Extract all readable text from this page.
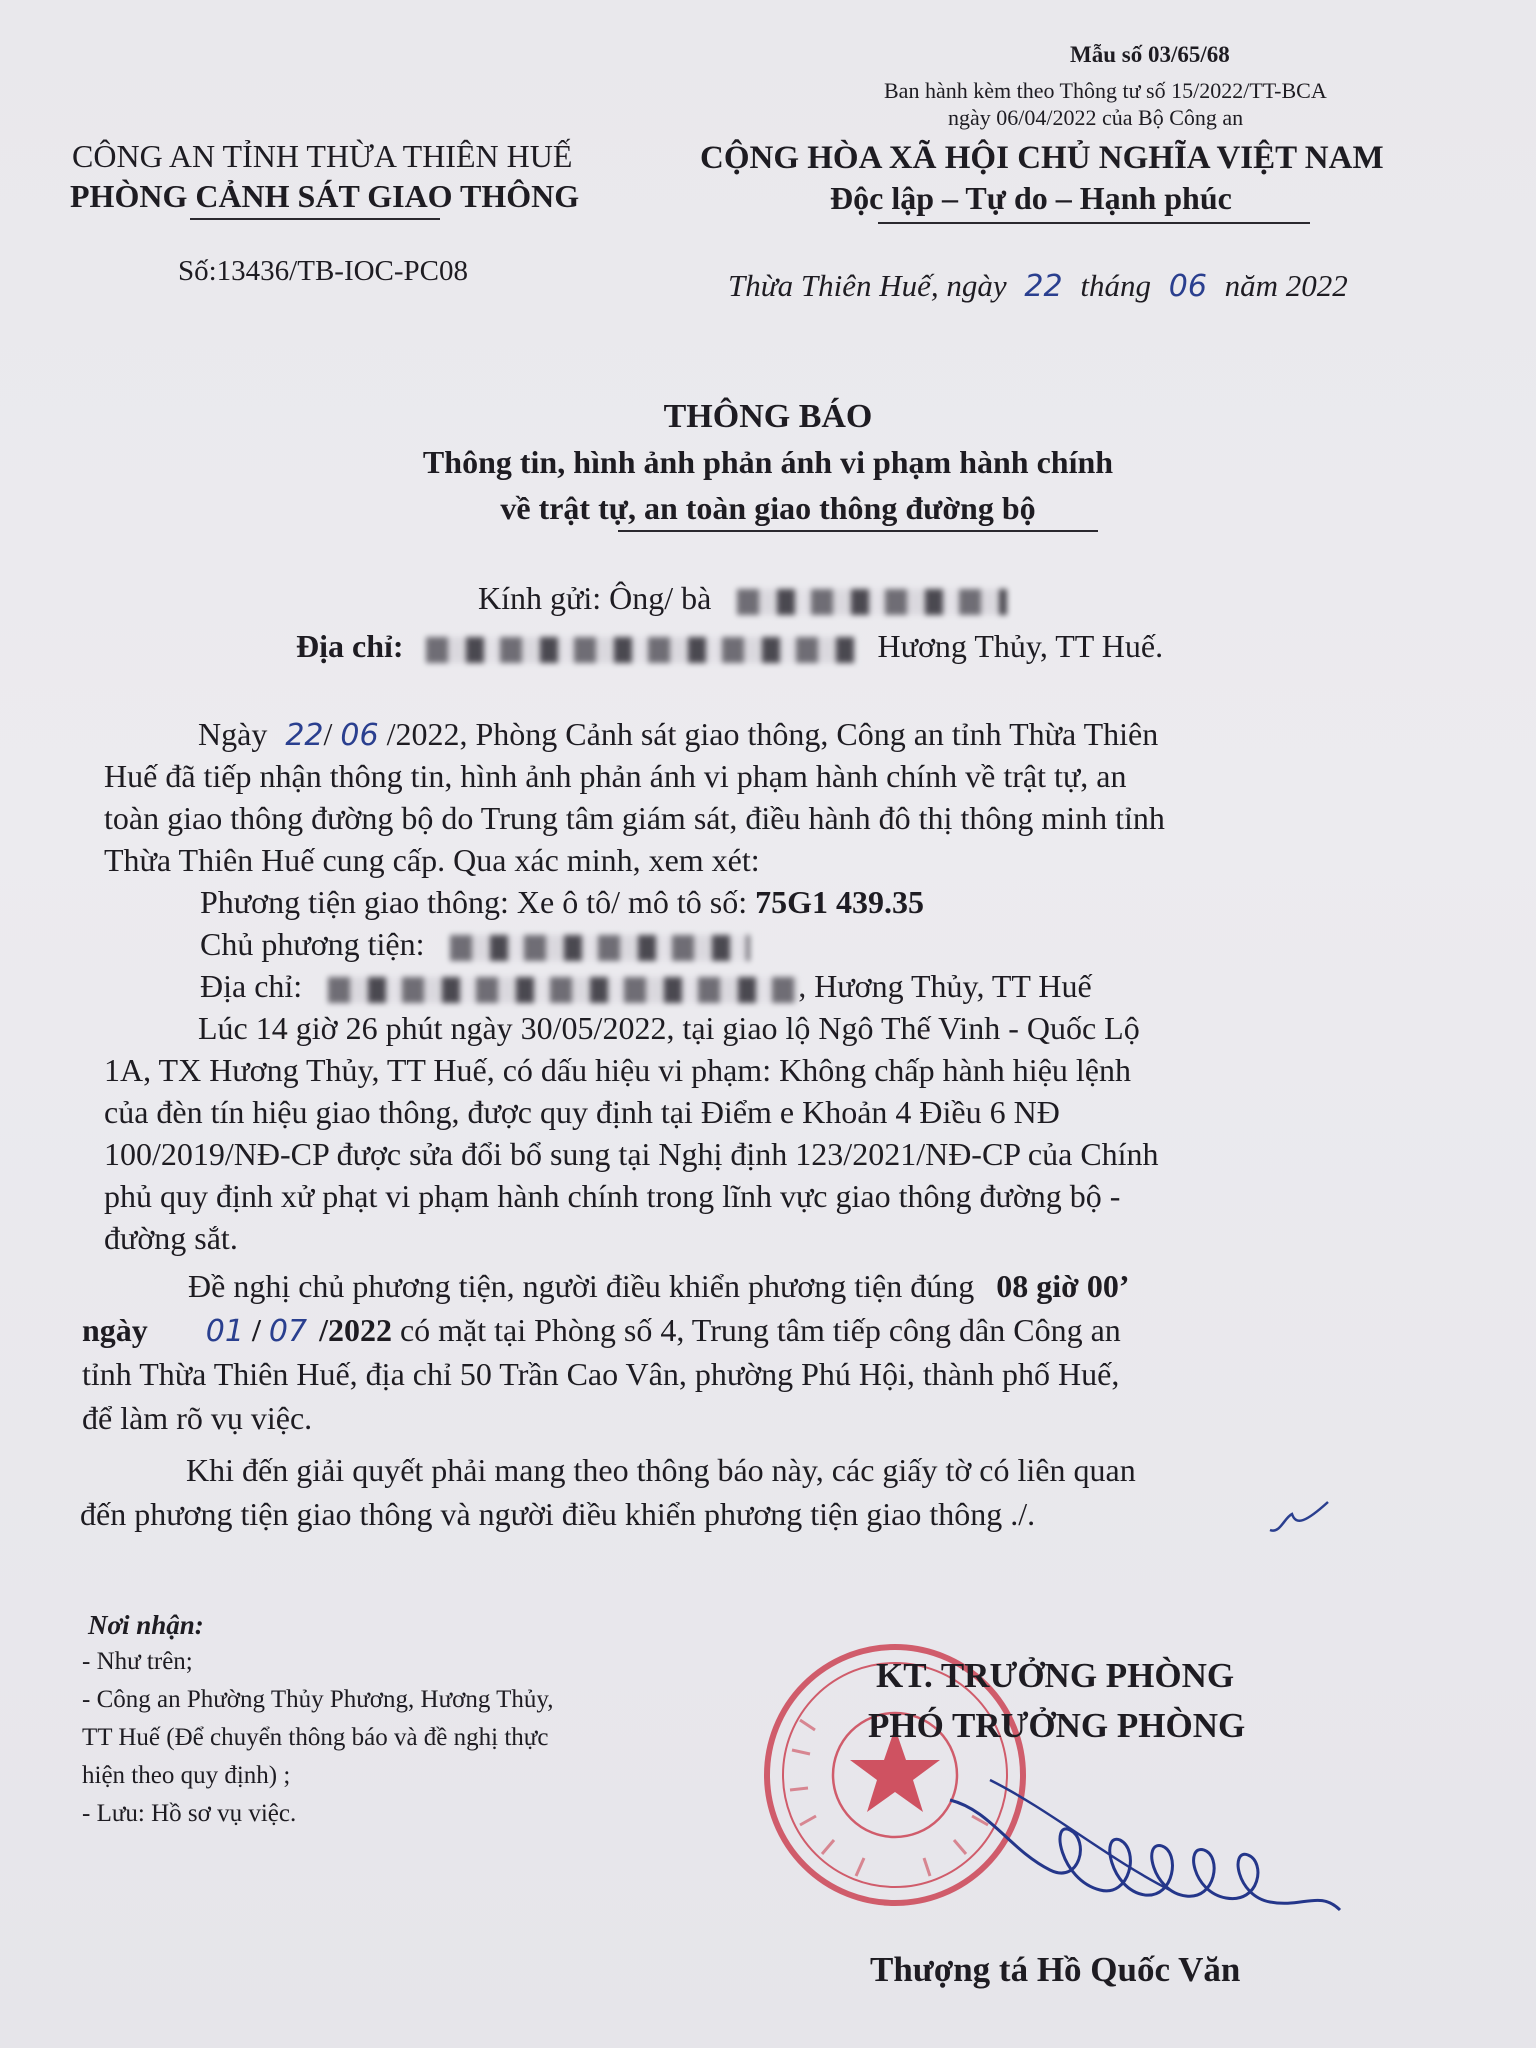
Mẫu số 03/65/68
Ban hành kèm theo Thông tư số 15/2022/TT-BCA
ngày 06/04/2022 của Bộ Công an
CÔNG AN TỈNH THỪA THIÊN HUẾ
PHÒNG CẢNH SÁT GIAO THÔNG
Số:13436/TB-IOC-PC08
CỘNG HÒA XÃ HỘI CHỦ NGHĨA VIỆT NAM
Độc lập – Tự do – Hạnh phúc
Thừa Thiên Huế, ngày 22 tháng 06 năm 2022
THÔNG BÁO
Thông tin, hình ảnh phản ánh vi phạm hành chính
về trật tự, an toàn giao thông đường bộ
Kính gửi: Ông/ bà
Địa chỉ:	Hương Thủy, TT Huế.
Ngày 22/ 06 /2022, Phòng Cảnh sát giao thông, Công an tỉnh Thừa Thiên
Huế đã tiếp nhận thông tin, hình ảnh phản ánh vi phạm hành chính về trật tự, an
toàn giao thông đường bộ do Trung tâm giám sát, điều hành đô thị thông minh tỉnh
Thừa Thiên Huế cung cấp. Qua xác minh, xem xét:
Phương tiện giao thông: Xe ô tô/ mô tô số: 75G1 439.35
Chủ phương tiện:
Địa chỉ:	, Hương Thủy, TT Huế
Lúc 14 giờ 26 phút ngày 30/05/2022, tại giao lộ Ngô Thế Vinh - Quốc Lộ
1A, TX Hương Thủy, TT Huế, có dấu hiệu vi phạm: Không chấp hành hiệu lệnh
của đèn tín hiệu giao thông, được quy định tại Điểm e Khoản 4 Điều 6 NĐ
100/2019/NĐ-CP được sửa đổi bổ sung tại Nghị định 123/2021/NĐ-CP của Chính
phủ quy định xử phạt vi phạm hành chính trong lĩnh vực giao thông đường bộ -
đường sắt.
Đề nghị chủ phương tiện, người điều khiển phương tiện đúng 08 giờ 00’
ngày 01 / 07 /2022 có mặt tại Phòng số 4, Trung tâm tiếp công dân Công an
tỉnh Thừa Thiên Huế, địa chỉ 50 Trần Cao Vân, phường Phú Hội, thành phố Huế,
để làm rõ vụ việc.
Khi đến giải quyết phải mang theo thông báo này, các giấy tờ có liên quan
đến phương tiện giao thông và người điều khiển phương tiện giao thông ./.
Nơi nhận:
- Như trên;
- Công an Phường Thủy Phương, Hương Thủy,
TT Huế (Để chuyển thông báo và đề nghị thực
hiện theo quy định) ;
- Lưu: Hồ sơ vụ việc.
KT. TRƯỞNG PHÒNG
PHÓ TRƯỞNG PHÒNG
Thượng tá Hồ Quốc Văn
